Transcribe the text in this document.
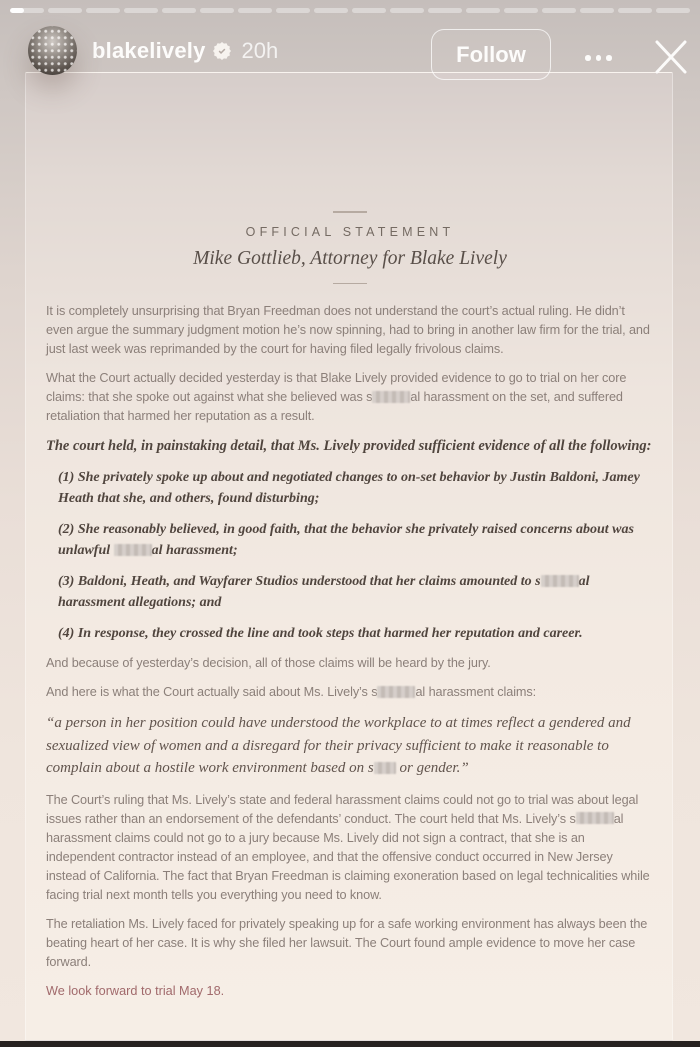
blakelively 20h	Follow
OFFICIAL STATEMENT
Mike Gottlieb, Attorney for Blake Lively

It is completely unsurprising that Bryan Freedman does not understand the court’s actual ruling. He didn’t even argue the summary judgment motion he’s now spinning, had to bring in another law firm for the trial, and just last week was reprimanded by the court for having filed legally frivolous claims.

What the Court actually decided yesterday is that Blake Lively provided evidence to go to trial on her core claims: that she spoke out against what she believed was s	al harassment on the set, and suffered retaliation that harmed her reputation as a result.

The court held, in painstaking detail, that Ms. Lively provided sufficient evidence of all the following:

(1) She privately spoke up about and negotiated changes to on-set behavior by Justin Baldoni, Jamey Heath that she, and others, found disturbing;

(2) She reasonably believed, in good faith, that the behavior she privately raised concerns about was unlawful	al harassment;

(3) Baldoni, Heath, and Wayfarer Studios understood that her claims amounted to s	al harassment allegations; and

(4) In response, they crossed the line and took steps that harmed her reputation and career.

And because of yesterday’s decision, all of those claims will be heard by the jury.

And here is what the Court actually said about Ms. Lively’s s	al harassment claims:

“a person in her position could have understood the workplace to at times reflect a gendered and sexualized view of women and a disregard for their privacy sufficient to make it reasonable to complain about a hostile work environment based on s or gender.”

The Court’s ruling that Ms. Lively’s state and federal harassment claims could not go to trial was about legal issues rather than an endorsement of the defendants’ conduct. The court held that Ms. Lively’s s	al harassment claims could not go to a jury because Ms. Lively did not sign a contract, that she is an independent contractor instead of an employee, and that the offensive conduct occurred in New Jersey instead of California. The fact that Bryan Freedman is claiming exoneration based on legal technicalities while facing trial next month tells you everything you need to know.

The retaliation Ms. Lively faced for privately speaking up for a safe working environment has always been the beating heart of her case. It is why she filed her lawsuit. The Court found ample evidence to move her case forward.

We look forward to trial May 18.
